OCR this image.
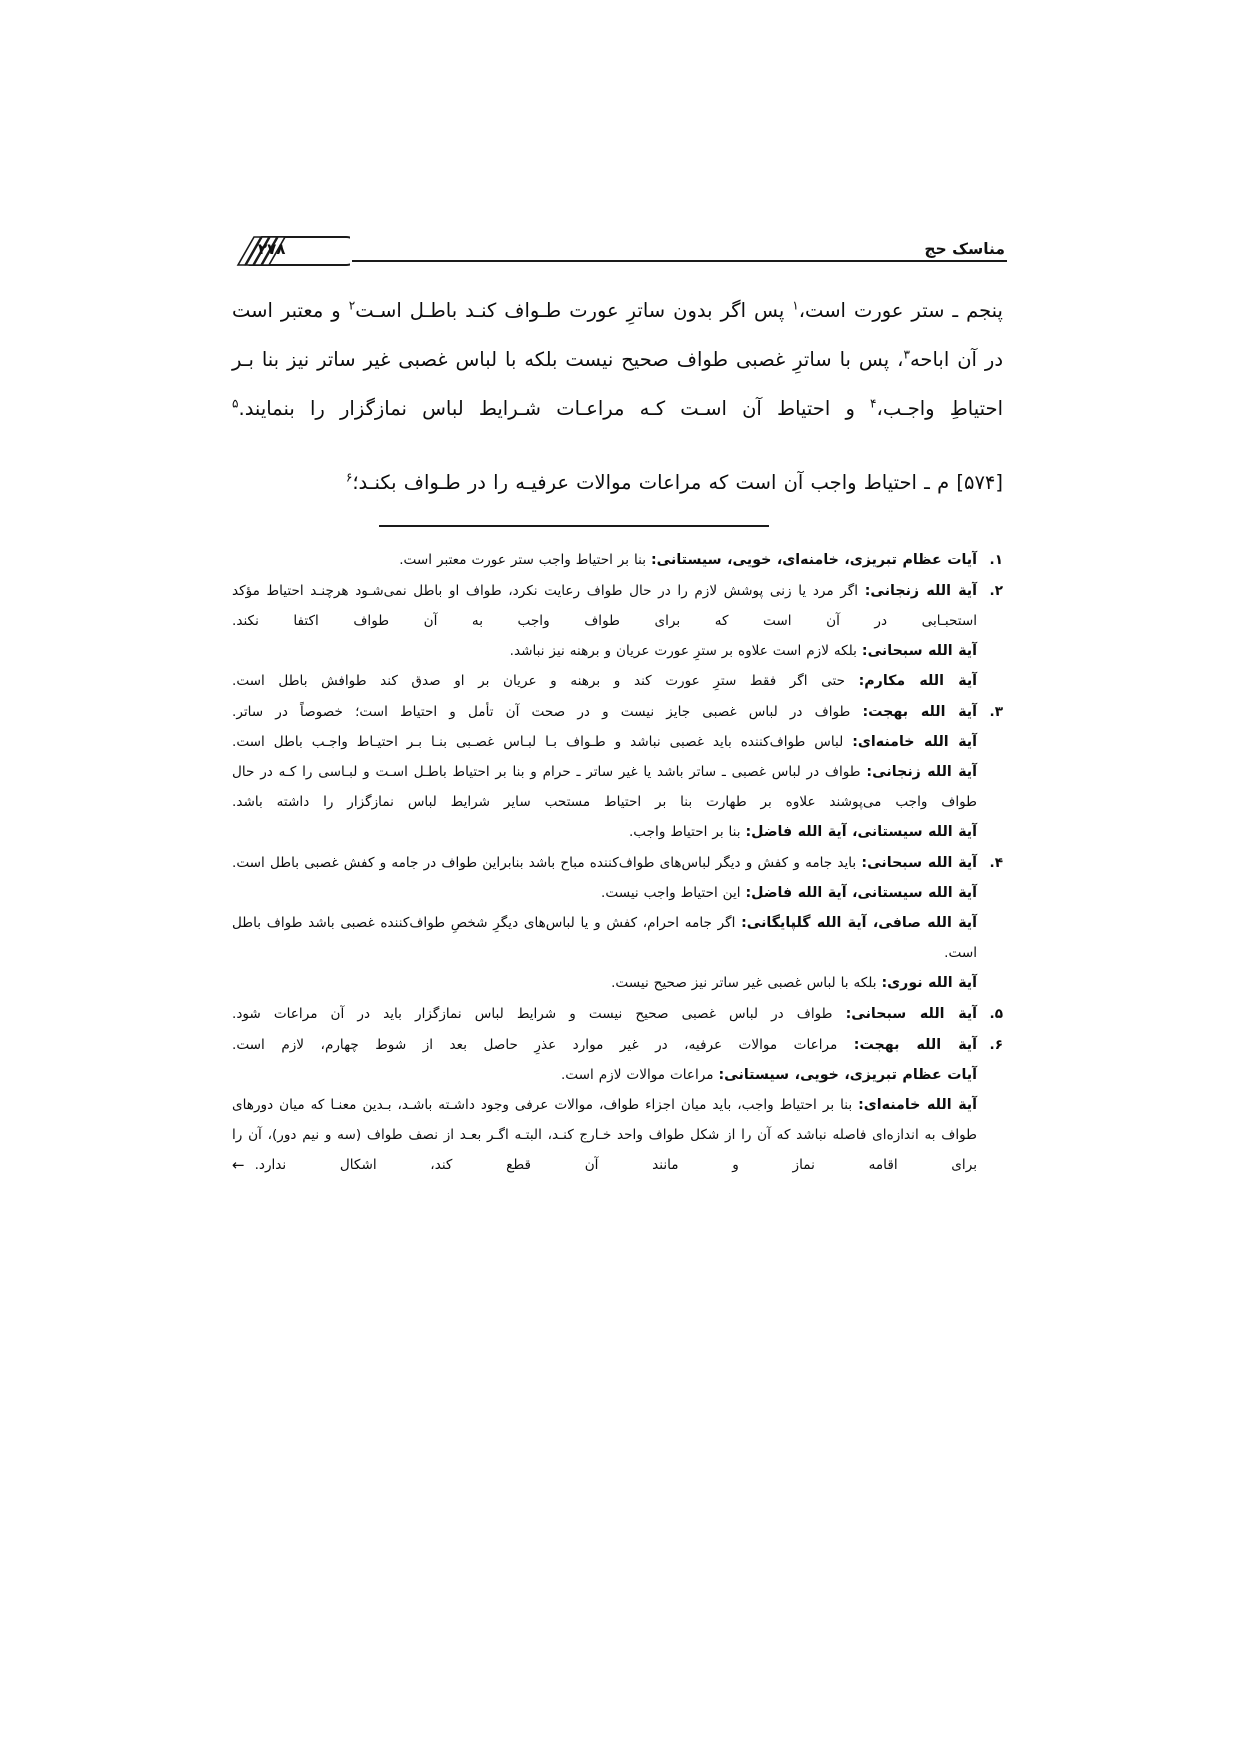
مناسک حج
۲۷۸

پنجم ـ ستر عورت است،$^۱$ پس اگر بدون ساترِ عورت طـواف کنـد باطـل اسـت$^۲$ و معتبر است در آن اباحه$^۳$، پس با ساترِ غصبی طواف صحیح نیست بلکه با لباس غصبی غیر ساتر نیز بنا بـر احتیاطِ واجـب،$^۴$ و احتیاط آن اسـت کـه مراعـات شـرایط لباس نمازگزار را بنمایند.$^۵$

[۵۷۴] م ـ احتیاط واجب آن است که مراعات موالات عرفیـه را در طـواف بکنـد؛$^۶$

۱.
آیات عظام تبریزی، خامنه‌ای، خویی، سیستانی: بنا بر احتیاط واجب ستر عورت معتبر است.
۲.
آیة الله زنجانی: اگر مرد یا زنی پوشش لازم را در حال طواف رعایت نکرد، طواف او باطل نمی‌شـود هرچنـد احتیاط مؤکد استحبـابی در آن است که برای طواف واجب به آن طواف اکتفا نکند.
آیة الله سبحانی: بلکه لازم است علاوه بر سترِ عورت عریان و برهنه نیز نباشد.
آیة الله مکارم: حتی اگر فقط سترِ عورت کند و برهنه و عریان بر او صدق کند طوافش باطل است.
۳.
آیة الله بهجت: طواف در لباس غصبی جایز نیست و در صحت آن تأمل و احتیاط است؛ خصوصاً در ساتر.
آیة الله خامنه‌ای: لباس طواف‌کننده باید غصبی نباشد و طـواف بـا لبـاس غصـبی بنـا بـر احتیـاط واجـب باطل است.
آیة الله زنجانی: طواف در لباس غصبی ـ ساتر باشد یا غیر ساتر ـ حرام و بنا بر احتیاط باطـل اسـت و لبـاسی را کـه در حال طواف واجب می‌پوشند علاوه بر طهارت بنا بر احتیاط مستحب سایر شرایط لباس نمازگزار را داشته باشد.
آیة الله سیستانی، آیة الله فاضل: بنا بر احتیاط واجب.
۴.
آیة الله سبحانی: باید جامه و کفش و دیگر لباس‌های طواف‌کننده مباح باشد بنابراین طواف در جامه و کفش غصبی باطل است.
آیة الله سیستانی، آیة الله فاضل: این احتیاط واجب نیست.
آیة الله صافی، آیة الله گلپایگانی: اگر جامه احرام، کفش و یا لباس‌های دیگرِ شخصِ طواف‌کننده غصبی باشد طواف باطل است.
آیة الله نوری: بلکه با لباس غصبی غیر ساتر نیز صحیح نیست.
۵.
آیة الله سبحانی: طواف در لباس غصبی صحیح نیست و شرایط لباس نمازگزار باید در آن مراعات شود.
۶.
آیة الله بهجت: مراعات موالات عرفیه، در غیر موارد عذرِ حاصل بعد از شوط چهارم، لازم است.
آیات عظام تبریزی، خویی، سیستانی: مراعات موالات لازم است.
آیة الله خامنه‌ای: بنا بر احتیاط واجب، باید میان اجزاء طواف، موالات عرفی وجود داشـته باشـد، بـدین معنـا که میان دورهای طواف به اندازه‌ای فاصله نباشد که آن را از شکل طواف واحد خـارج کنـد، البتـه اگـر بعـد از نصف طواف (سه و نیم دور)، آن را برای اقامه نماز و مانند آن قطع کند، اشکال ندارد.←
